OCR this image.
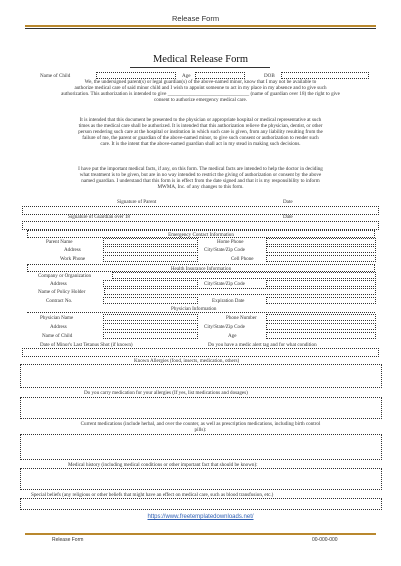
Release Form
Medical Release Form
Name of Child	Age	DOB
We, the undersigned parent(s) or legal guardian(s) of the above-named minor, know that I may not be available to
authorize medical care of said minor child and I wish to appoint someone to act in my place in my absence and to give such
authorization. This authorization is intended to give ________________________________ (name of guardian over 18) the right to give
consent to authorize emergency medical care.
It is intended that this document be presented to the physician or appropriate hospital or medical representative at such
times as the medical care shall be authorized. It is intended that this authorization relieve the physician, dentist, or other
person rendering such care at the hospital or institution in which such care is given, from any liability resulting from the
failure of me, the parent or guardian of the above-named minor, to give such consent or authorization to render such
care. It is the intent that the above-named guardian shall act in my stead in making such decisions.
I have put the important medical facts, if any, on this form. The medical facts are intended to help the doctor in deciding
what treatment is to be given, but are in no way intended to restrict the giving of authorization or consent by the above
named guardian. I understand that this form is in effect from the date signed and that it is my responsibility to inform
MWMA, Inc. of any changes to this form.
Signature of Parent	Date
Signature of Guardian over 18	Date
Emergency Contact Information
Parent Name	Home Phone
Address	City/State/Zip Code
Work Phone	Cell Phone
Health Insurance Information
Company or Organization
Address	City/State/Zip Code
Name of Policy Holder
Contract No.	Expiration Date
Physician Information
Physician Name	Phone Number
Address	City/State/Zip Code
Name of Child	Age
Date of Minor's Last Tetanus Shot (if known)	Do you have a medic alert tag and for what condition
Known Allergies (food, insects, medication, others)
Do you carry medication for your allergies (If yes, list medications and dosages)
Current medications (include herbal, and over the counter, as well as prescription medications, including birth control
pills):
Medical history (including medical conditions or other important fact that should be known):
Special beliefs (any religious or other beliefs that might have an effect on medical care, such as blood transfusion, etc.)
https://www.freetemplatedownloads.net/
Release Form	00-000-000
